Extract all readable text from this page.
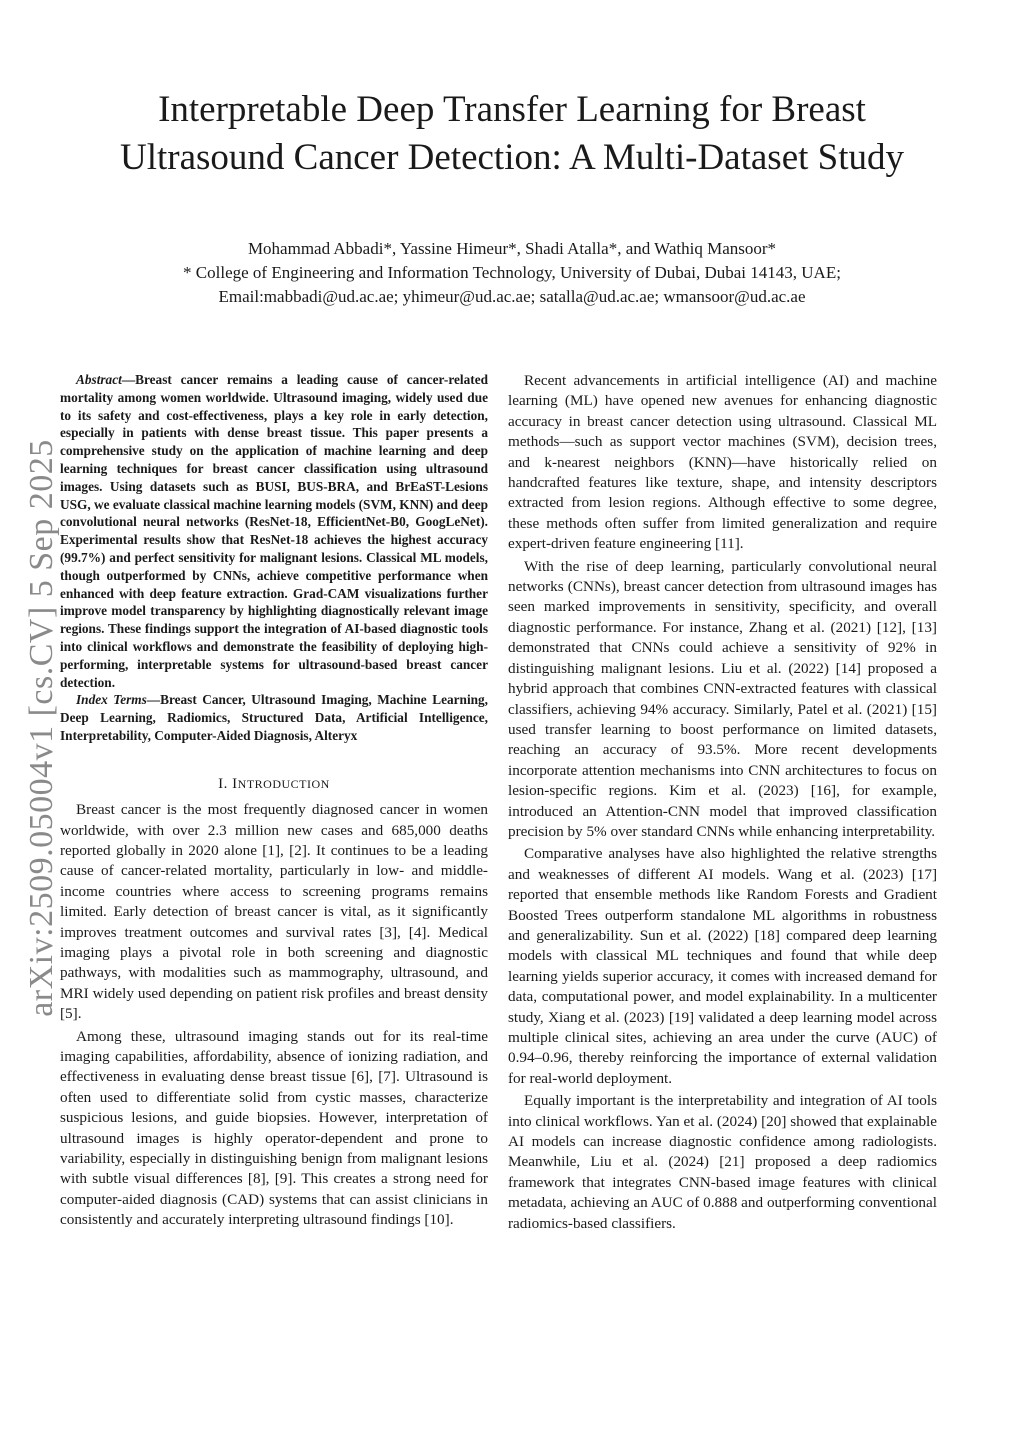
Interpretable Deep Transfer Learning for Breast Ultrasound Cancer Detection: A Multi-Dataset Study
Mohammad Abbadi*, Yassine Himeur*, Shadi Atalla*, and Wathiq Mansoor*
* College of Engineering and Information Technology, University of Dubai, Dubai 14143, UAE;
Email:mabbadi@ud.ac.ae; yhimeur@ud.ac.ae; satalla@ud.ac.ae; wmansoor@ud.ac.ae
arXiv:2509.05004v1 [cs.CV] 5 Sep 2025

Abstract—Breast cancer remains a leading cause of cancer-related mortality among women worldwide. Ultrasound imaging, widely used due to its safety and cost-effectiveness, plays a key role in early detection, especially in patients with dense breast tissue. This paper presents a comprehensive study on the application of machine learning and deep learning techniques for breast cancer classification using ultrasound images. Using datasets such as BUSI, BUS-BRA, and BrEaST-Lesions USG, we evaluate classical machine learning models (SVM, KNN) and deep convolutional neural networks (ResNet-18, EfficientNet-B0, GoogLeNet). Experimental results show that ResNet-18 achieves the highest accuracy (99.7%) and perfect sensitivity for malignant lesions. Classical ML models, though outperformed by CNNs, achieve competitive performance when enhanced with deep feature extraction. Grad-CAM visualizations further improve model transparency by highlighting diagnostically relevant image regions. These findings support the integration of AI-based diagnostic tools into clinical workflows and demonstrate the feasibility of deploying high-performing, interpretable systems for ultrasound-based breast cancer detection.

Index Terms—Breast Cancer, Ultrasound Imaging, Machine Learning, Deep Learning, Radiomics, Structured Data, Artificial Intelligence, Interpretability, Computer-Aided Diagnosis, Alteryx

I. INTRODUCTION

Breast cancer is the most frequently diagnosed cancer in women worldwide, with over 2.3 million new cases and 685,000 deaths reported globally in 2020 alone [1], [2]. It continues to be a leading cause of cancer-related mortality, particularly in low- and middle-income countries where access to screening programs remains limited. Early detection of breast cancer is vital, as it significantly improves treatment outcomes and survival rates [3], [4]. Medical imaging plays a pivotal role in both screening and diagnostic pathways, with modalities such as mammography, ultrasound, and MRI widely used depending on patient risk profiles and breast density [5].

Among these, ultrasound imaging stands out for its real-time imaging capabilities, affordability, absence of ionizing radiation, and effectiveness in evaluating dense breast tissue [6], [7]. Ultrasound is often used to differentiate solid from cystic masses, characterize suspicious lesions, and guide biopsies. However, interpretation of ultrasound images is highly operator-dependent and prone to variability, especially in distinguishing benign from malignant lesions with subtle visual differences [8], [9]. This creates a strong need for computer-aided diagnosis (CAD) systems that can assist clinicians in consistently and accurately interpreting ultrasound findings [10].

Recent advancements in artificial intelligence (AI) and machine learning (ML) have opened new avenues for enhancing diagnostic accuracy in breast cancer detection using ultrasound. Classical ML methods—such as support vector machines (SVM), decision trees, and k-nearest neighbors (KNN)—have historically relied on handcrafted features like texture, shape, and intensity descriptors extracted from lesion regions. Although effective to some degree, these methods often suffer from limited generalization and require expert-driven feature engineering [11].

With the rise of deep learning, particularly convolutional neural networks (CNNs), breast cancer detection from ultrasound images has seen marked improvements in sensitivity, specificity, and overall diagnostic performance. For instance, Zhang et al. (2021) [12], [13] demonstrated that CNNs could achieve a sensitivity of 92% in distinguishing malignant lesions. Liu et al. (2022) [14] proposed a hybrid approach that combines CNN-extracted features with classical classifiers, achieving 94% accuracy. Similarly, Patel et al. (2021) [15] used transfer learning to boost performance on limited datasets, reaching an accuracy of 93.5%. More recent developments incorporate attention mechanisms into CNN architectures to focus on lesion-specific regions. Kim et al. (2023) [16], for example, introduced an Attention-CNN model that improved classification precision by 5% over standard CNNs while enhancing interpretability.

Comparative analyses have also highlighted the relative strengths and weaknesses of different AI models. Wang et al. (2023) [17] reported that ensemble methods like Random Forests and Gradient Boosted Trees outperform standalone ML algorithms in robustness and generalizability. Sun et al. (2022) [18] compared deep learning models with classical ML techniques and found that while deep learning yields superior accuracy, it comes with increased demand for data, computational power, and model explainability. In a multicenter study, Xiang et al. (2023) [19] validated a deep learning model across multiple clinical sites, achieving an area under the curve (AUC) of 0.94–0.96, thereby reinforcing the importance of external validation for real-world deployment.

Equally important is the interpretability and integration of AI tools into clinical workflows. Yan et al. (2024) [20] showed that explainable AI models can increase diagnostic confidence among radiologists. Meanwhile, Liu et al. (2024) [21] proposed a deep radiomics framework that integrates CNN-based image features with clinical metadata, achieving an AUC of 0.888 and outperforming conventional radiomics-based classifiers.
